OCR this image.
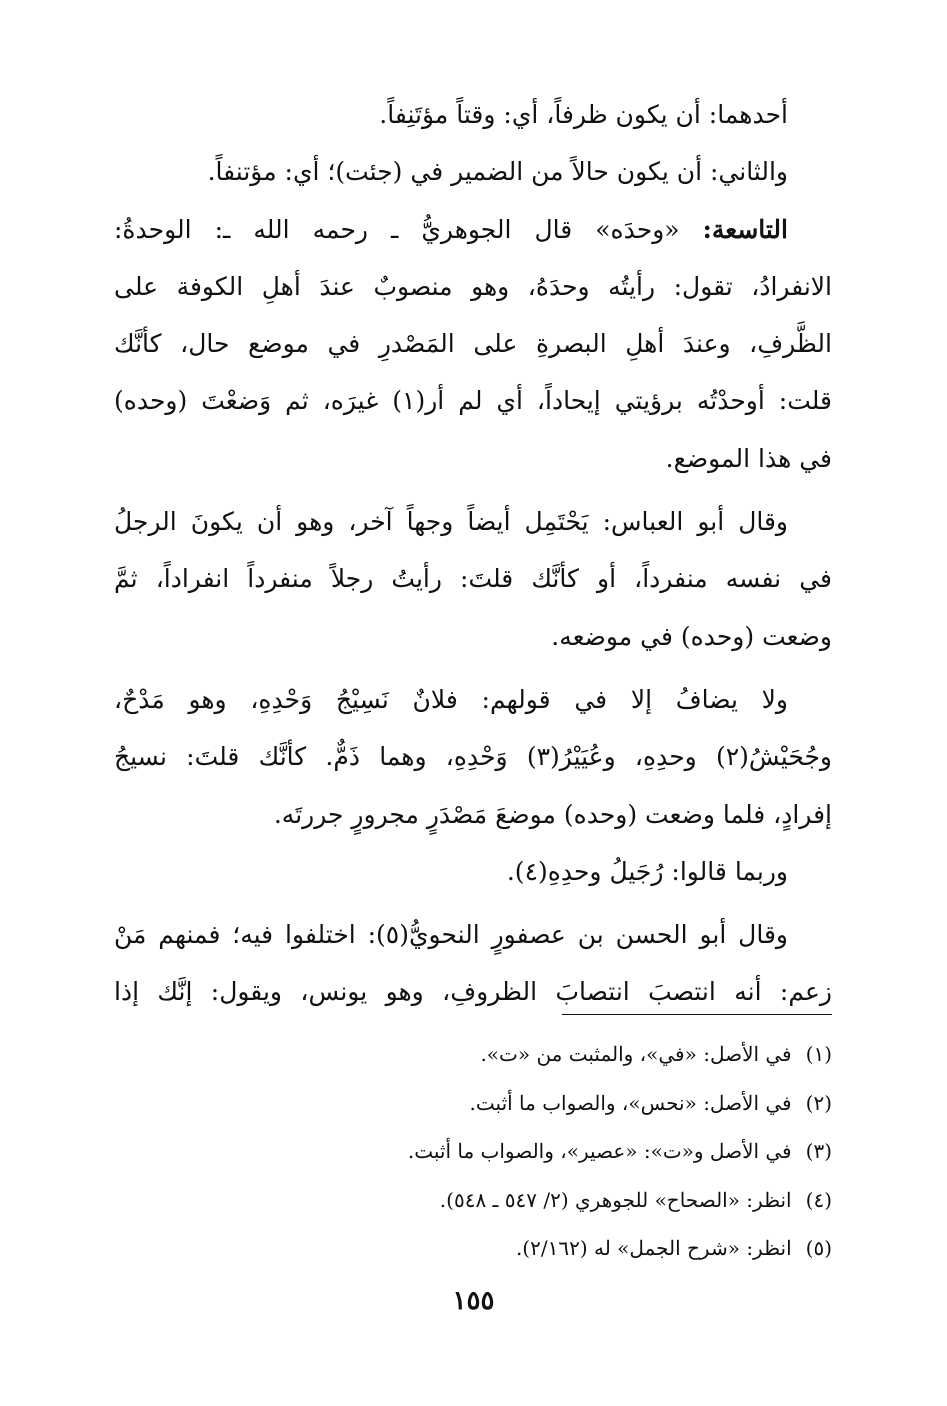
أحدهما: أن يكون ظرفاً، أي: وقتاً مؤتَنِفاً.
والثاني: أن يكون حالاً من الضمير في (جئت)؛ أي: مؤتنفاً.
التاسعة: «وحدَه» قال الجوهريُّ ـ رحمه الله ـ: الوحدةُ:
الانفرادُ، تقول: رأيتُه وحدَهُ، وهو منصوبٌ عندَ أهلِ الكوفة على
الظَّرفِ، وعندَ أهلِ البصرةِ على المَصْدرِ في موضع حال، كأنَّك
قلت: أوحدْتُه برؤيتي إيحاداً، أي لم أر(١) غيرَه، ثم وَضعْتَ (وحده)
في هذا الموضع.
وقال أبو العباس: يَحْتَمِل أيضاً وجهاً آخر، وهو أن يكونَ الرجلُ
في نفسه منفرداً، أو كأنَّك قلتَ: رأيتُ رجلاً منفرداً انفراداً، ثمَّ
وضعت (وحده) في موضعه.
ولا يضافُ إلا في قولهم: فلانٌ نَسِيْجُ وَحْدِهِ، وهو مَدْحٌ،
وجُحَيْشُ(٢) وحدِهِ، وعُيَيْرُ(٣) وَحْدِهِ، وهما ذَمٌّ. كأنَّك قلتَ: نسيجُ
إفرادٍ، فلما وضعت (وحده) موضعَ مَصْدَرٍ مجرورٍ جررتَه.
وربما قالوا: رُجَيلُ وحدِهِ(٤).
وقال أبو الحسن بن عصفورٍ النحويُّ(٥): اختلفوا فيه؛ فمنهم مَنْ
زعم: أنه انتصبَ انتصابَ الظروفِ، وهو يونس، ويقول: إنَّك إذا
(١)في الأصل: «في»، والمثبت من «ت».
(٢)في الأصل: «نحس»، والصواب ما أثبت.
(٣)في الأصل و«ت»: «عصير»، والصواب ما أثبت.
(٤)انظر: «الصحاح» للجوهري (٢/ ٥٤٧ ـ ٥٤٨).
(٥)انظر: «شرح الجمل» له (٢/١٦٢).
١٥٥
